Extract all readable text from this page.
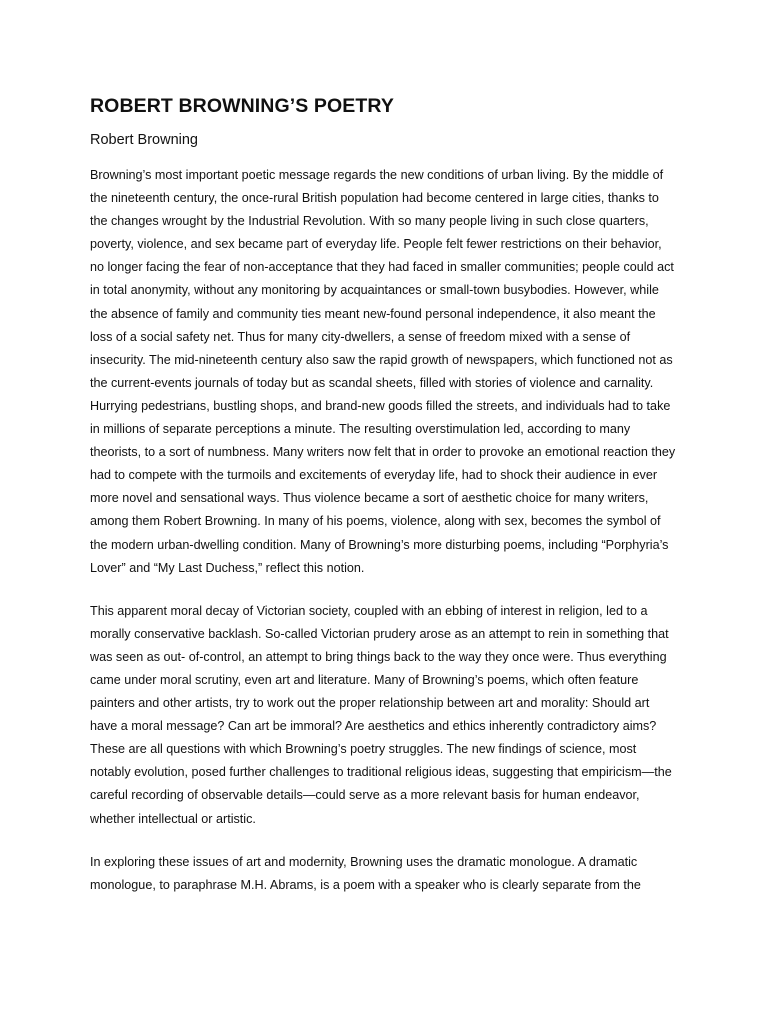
ROBERT BROWNING’S POETRY
Robert Browning

Browning’s most important poetic message regards the new conditions of urban living. By the middle of the nineteenth century, the once-rural British population had become centered in large cities, thanks to the changes wrought by the Industrial Revolution. With so many people living in such close quarters, poverty, violence, and sex became part of everyday life. People felt fewer restrictions on their behavior, no longer facing the fear of non-acceptance that they had faced in smaller communities; people could act in total anonymity, without any monitoring by acquaintances or small-town busybodies. However, while the absence of family and community ties meant new-found personal independence, it also meant the loss of a social safety net. Thus for many city-dwellers, a sense of freedom mixed with a sense of insecurity. The mid-nineteenth century also saw the rapid growth of newspapers, which functioned not as the current-events journals of today but as scandal sheets, filled with stories of violence and carnality. Hurrying pedestrians, bustling shops, and brand-new goods filled the streets, and individuals had to take in millions of separate perceptions a minute. The resulting overstimulation led, according to many theorists, to a sort of numbness. Many writers now felt that in order to provoke an emotional reaction they had to compete with the turmoils and excitements of everyday life, had to shock their audience in ever more novel and sensational ways. Thus violence became a sort of aesthetic choice for many writers, among them Robert Browning. In many of his poems, violence, along with sex, becomes the symbol of the modern urban-dwelling condition. Many of Browning’s more disturbing poems, including “Porphyria’s Lover” and “My Last Duchess,” reflect this notion.

This apparent moral decay of Victorian society, coupled with an ebbing of interest in religion, led to a morally conservative backlash. So-called Victorian prudery arose as an attempt to rein in something that was seen as out- of-control, an attempt to bring things back to the way they once were. Thus everything came under moral scrutiny, even art and literature. Many of Browning’s poems, which often feature painters and other artists, try to work out the proper relationship between art and morality: Should art have a moral message? Can art be immoral? Are aesthetics and ethics inherently contradictory aims? These are all questions with which Browning’s poetry struggles. The new findings of science, most notably evolution, posed further challenges to traditional religious ideas, suggesting that empiricism—the careful recording of observable details—could serve as a more relevant basis for human endeavor, whether intellectual or artistic.

In exploring these issues of art and modernity, Browning uses the dramatic monologue. A dramatic monologue, to paraphrase M.H. Abrams, is a poem with a speaker who is clearly separate from the
